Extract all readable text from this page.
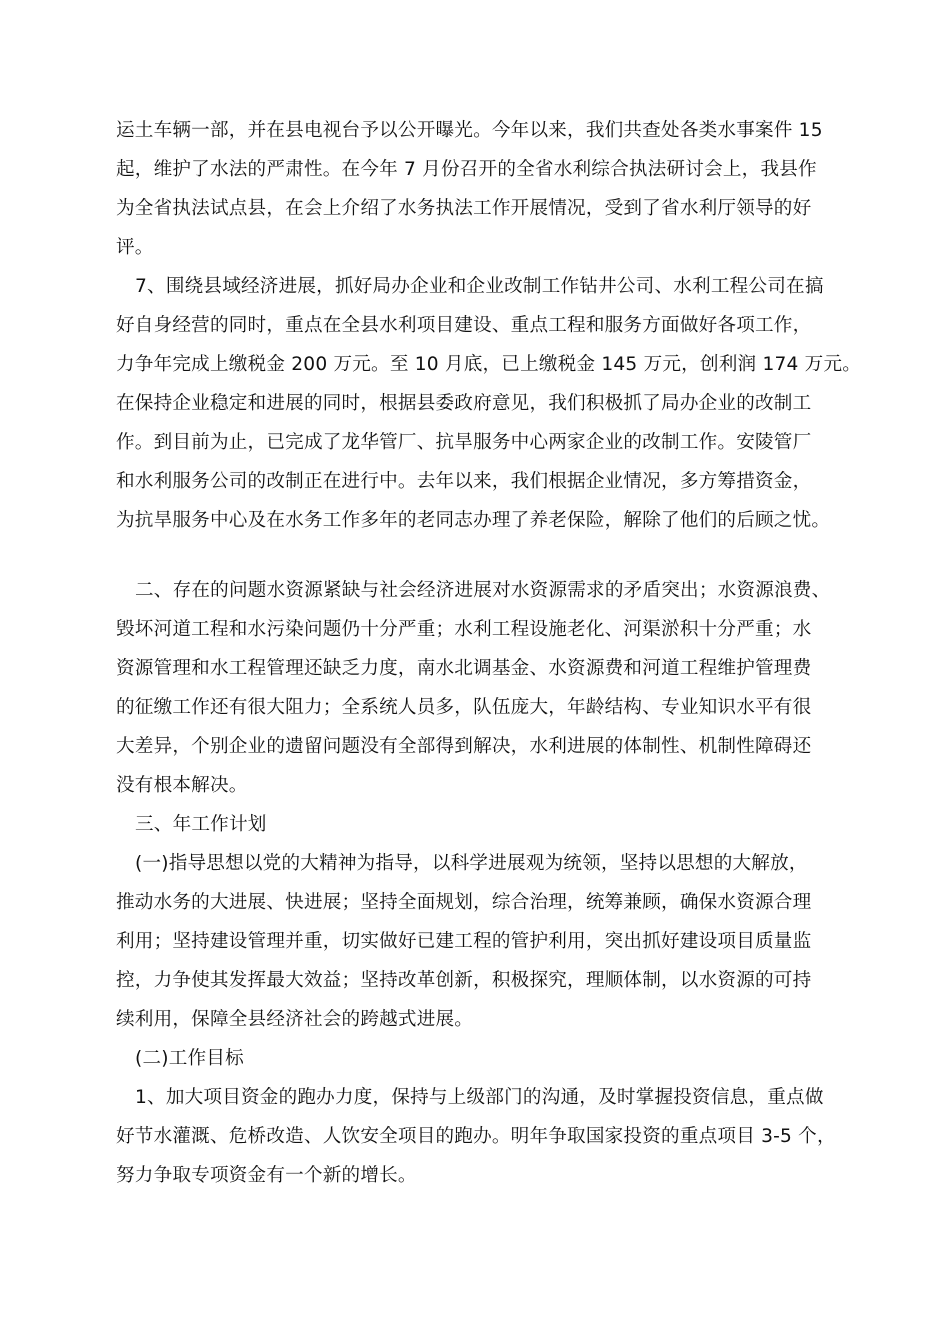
运土车辆一部，并在县电视台予以公开曝光。今年以来，我们共查处各类水事案件 15
起，维护了水法的严肃性。在今年 7 月份召开的全省水利综合执法研讨会上，我县作
为全省执法试点县，在会上介绍了水务执法工作开展情况，受到了省水利厅领导的好
评。
7、围绕县域经济进展，抓好局办企业和企业改制工作钻井公司、水利工程公司在搞
好自身经营的同时，重点在全县水利项目建设、重点工程和服务方面做好各项工作，
力争年完成上缴税金 200 万元。至 10 月底，已上缴税金 145 万元，创利润 174 万元。
在保持企业稳定和进展的同时，根据县委政府意见，我们积极抓了局办企业的改制工
作。到目前为止，已完成了龙华管厂、抗旱服务中心两家企业的改制工作。安陵管厂
和水利服务公司的改制正在进行中。去年以来，我们根据企业情况，多方筹措资金，
为抗旱服务中心及在水务工作多年的老同志办理了养老保险，解除了他们的后顾之忧。
二、存在的问题水资源紧缺与社会经济进展对水资源需求的矛盾突出；水资源浪费、
毁坏河道工程和水污染问题仍十分严重；水利工程设施老化、河渠淤积十分严重；水
资源管理和水工程管理还缺乏力度，南水北调基金、水资源费和河道工程维护管理费
的征缴工作还有很大阻力；全系统人员多，队伍庞大，年龄结构、专业知识水平有很
大差异，个别企业的遗留问题没有全部得到解决，水利进展的体制性、机制性障碍还
没有根本解决。
三、年工作计划
(一)指导思想以党的大精神为指导，以科学进展观为统领，坚持以思想的大解放，
推动水务的大进展、快进展；坚持全面规划，综合治理，统筹兼顾，确保水资源合理
利用；坚持建设管理并重，切实做好已建工程的管护利用，突出抓好建设项目质量监
控，力争使其发挥最大效益；坚持改革创新，积极探究，理顺体制，以水资源的可持
续利用，保障全县经济社会的跨越式进展。
(二)工作目标
1、加大项目资金的跑办力度，保持与上级部门的沟通，及时掌握投资信息，重点做
好节水灌溉、危桥改造、人饮安全项目的跑办。明年争取国家投资的重点项目 3-5 个，
努力争取专项资金有一个新的增长。
